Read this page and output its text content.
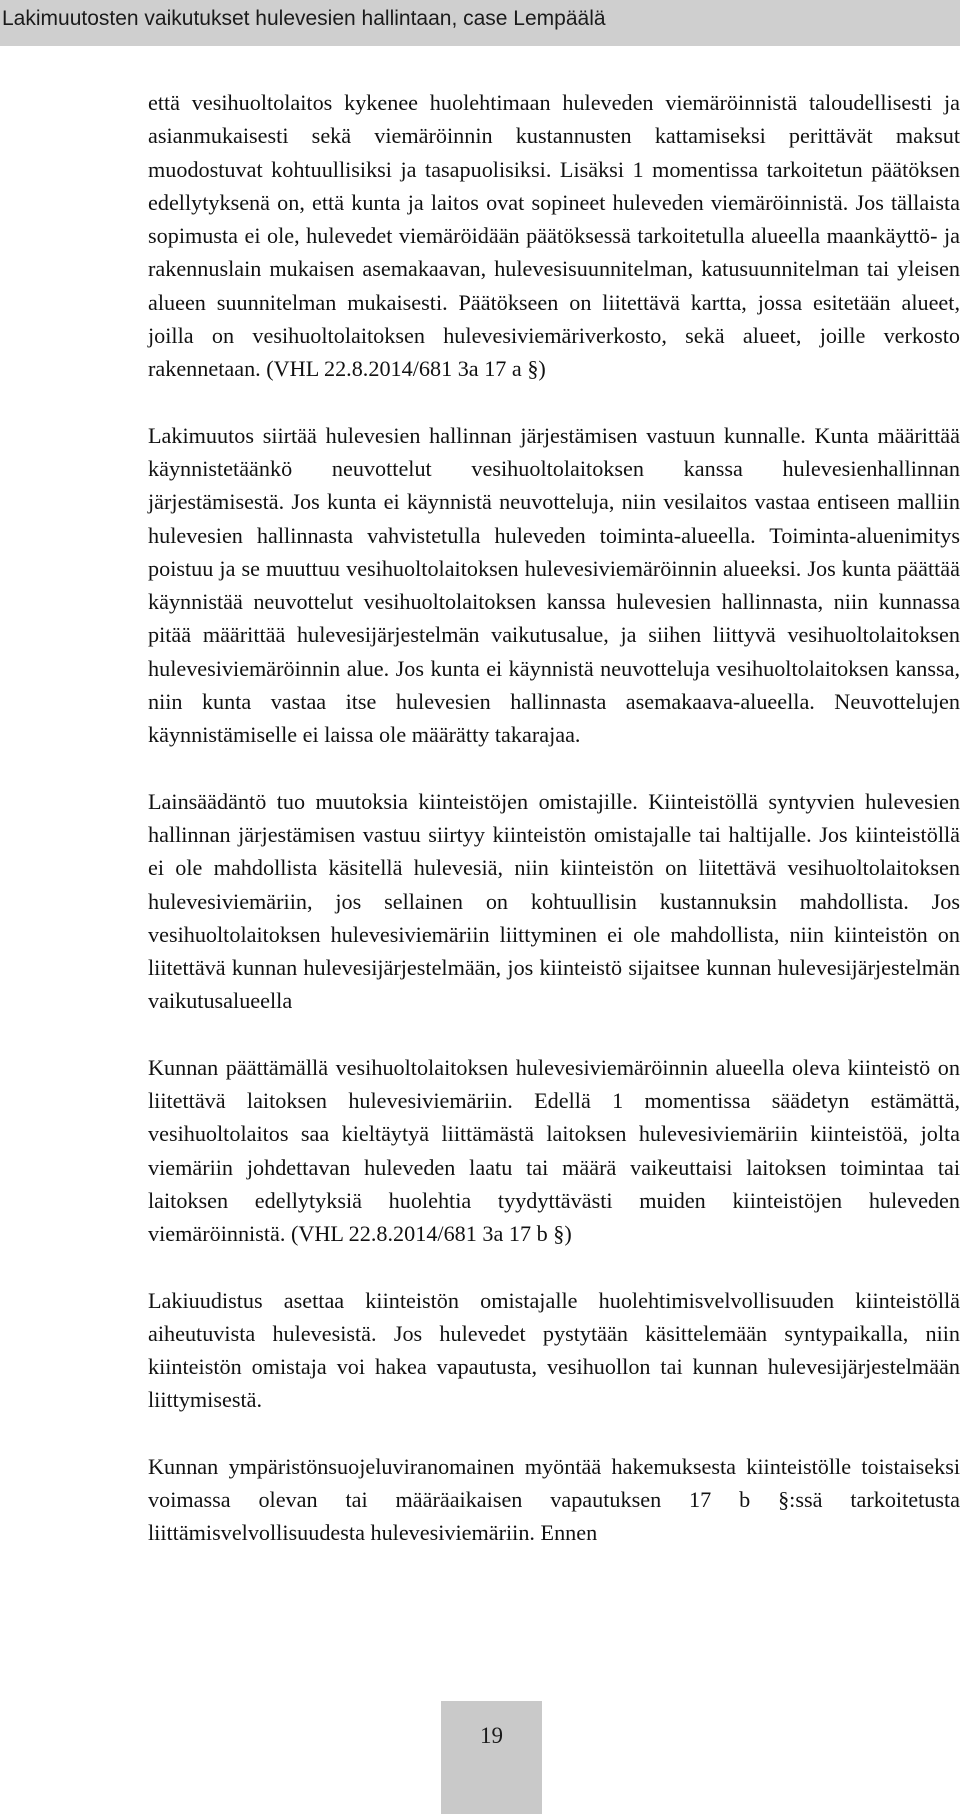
Lakimuutosten vaikutukset hulevesien hallintaan, case Lempäälä

että vesihuoltolaitos kykenee huolehtimaan huleveden viemäröinnistä taloudellisesti ja asianmukaisesti sekä viemäröinnin kustannusten kattamiseksi perittävät maksut muodostuvat kohtuullisiksi ja tasapuolisiksi. Lisäksi 1 momentissa tarkoitetun päätöksen edellytyksenä on, että kunta ja laitos ovat sopineet huleveden viemäröinnistä. Jos tällaista sopimusta ei ole, hulevedet viemäröidään päätöksessä tarkoitetulla alueella maankäyttö- ja rakennuslain mukaisen asemakaavan, hulevesisuunnitelman, katusuunnitelman tai yleisen alueen suunnitelman mukaisesti. Päätökseen on liitettävä kartta, jossa esitetään alueet, joilla on vesihuoltolaitoksen hulevesiviemäriverkosto, sekä alueet, joille verkosto rakennetaan. (VHL 22.8.2014/681 3a 17 a §)

Lakimuutos siirtää hulevesien hallinnan järjestämisen vastuun kunnalle. Kunta määrittää käynnistetäänkö neuvottelut vesihuoltolaitoksen kanssa hulevesienhallinnan järjestämisestä. Jos kunta ei käynnistä neuvotteluja, niin vesilaitos vastaa entiseen malliin hulevesien hallinnasta vahvistetulla huleveden toiminta-alueella. Toiminta-aluenimitys poistuu ja se muuttuu vesihuoltolaitoksen hulevesiviemäröinnin alueeksi. Jos kunta päättää käynnistää neuvottelut vesihuoltolaitoksen kanssa hulevesien hallinnasta, niin kunnassa pitää määrittää hulevesijärjestelmän vaikutusalue, ja siihen liittyvä vesihuoltolaitoksen hulevesiviemäröinnin alue. Jos kunta ei käynnistä neuvotteluja vesihuoltolaitoksen kanssa, niin kunta vastaa itse hulevesien hallinnasta asemakaava-alueella. Neuvottelujen käynnistämiselle ei laissa ole määrätty takarajaa.

Lainsäädäntö tuo muutoksia kiinteistöjen omistajille. Kiinteistöllä syntyvien hulevesien hallinnan järjestämisen vastuu siirtyy kiinteistön omistajalle tai haltijalle. Jos kiinteistöllä ei ole mahdollista käsitellä hulevesiä, niin kiinteistön on liitettävä vesihuoltolaitoksen hulevesiviemäriin, jos sellainen on kohtuullisin kustannuksin mahdollista. Jos vesihuoltolaitoksen hulevesiviemäriin liittyminen ei ole mahdollista, niin kiinteistön on liitettävä kunnan hulevesijärjestelmään, jos kiinteistö sijaitsee kunnan hulevesijärjestelmän vaikutusalueella

Kunnan päättämällä vesihuoltolaitoksen hulevesiviemäröinnin alueella oleva kiinteistö on liitettävä laitoksen hulevesiviemäriin. Edellä 1 momentissa säädetyn estämättä, vesihuoltolaitos saa kieltäytyä liittämästä laitoksen hulevesiviemäriin kiinteistöä, jolta viemäriin johdettavan huleveden laatu tai määrä vaikeuttaisi laitoksen toimintaa tai laitoksen edellytyksiä huolehtia tyydyttävästi muiden kiinteistöjen huleveden viemäröinnistä. (VHL 22.8.2014/681 3a 17 b §)

Lakiuudistus asettaa kiinteistön omistajalle huolehtimisvelvollisuuden kiinteistöllä aiheutuvista hulevesistä. Jos hulevedet pystytään käsittelemään syntypaikalla, niin kiinteistön omistaja voi hakea vapautusta, vesihuollon tai kunnan hulevesijärjestelmään liittymisestä.

Kunnan ympäristönsuojeluviranomainen myöntää hakemuksesta kiinteistölle toistaiseksi voimassa olevan tai määräaikaisen vapautuksen 17 b §:ssä tarkoitetusta liittämisvelvollisuudesta hulevesiviemäriin. Ennen

19
